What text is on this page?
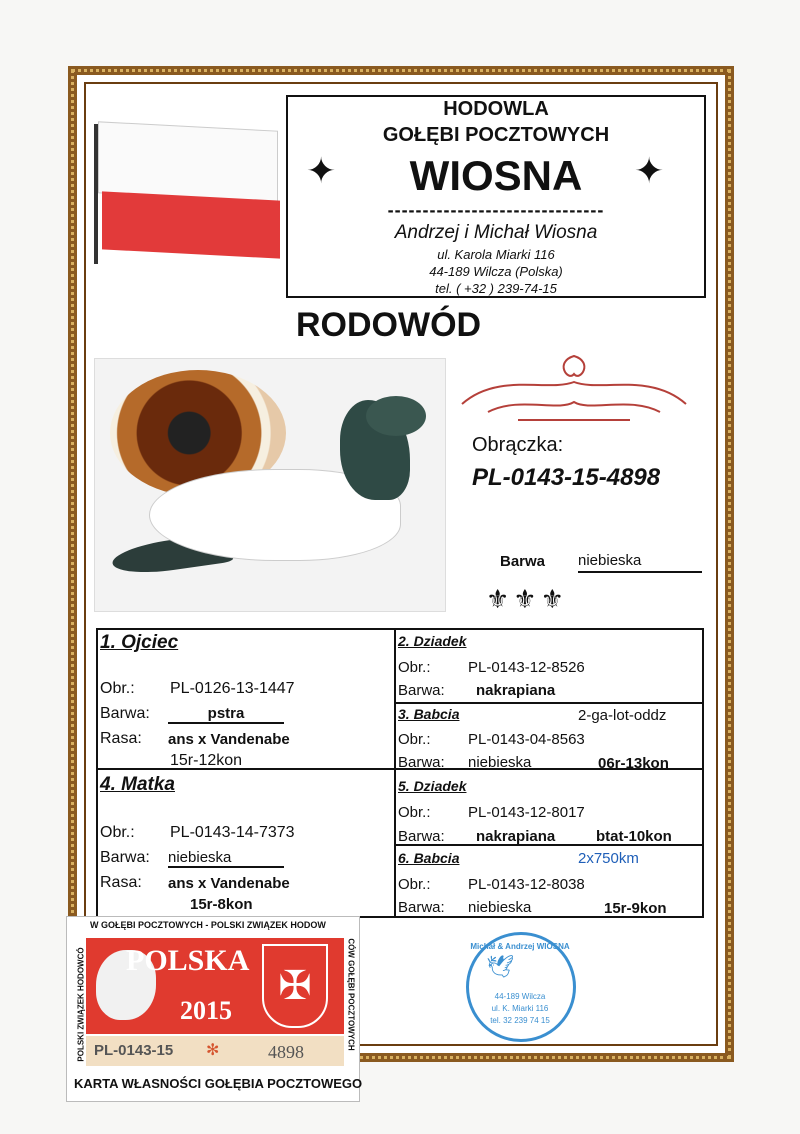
HODOWLA
GOŁĘBI POCZTOWYCH
WIOSNA
✦	✦
-------------------------------
Andrzej i Michał Wiosna
ul. Karola Miarki 116
44-189 Wilcza (Polska)
tel. ( +32 ) 239-74-15
RODOWÓD
Obrączka:
PL-0143-15-4898
Barwa niebieska
⚜⚜⚜
1. Ojciec
Obr.: PL-0126-13-1447
Barwa:	pstra
Rasa: ans x Vandenabe
15r-12kon
4. Matka
Obr.: PL-0143-14-7373
Barwa: niebieska
Rasa: ans x Vandenabe
15r-8kon
2. Dziadek
Obr.: PL-0143-12-8526
Barwa: nakrapiana
3. Babcia	2-ga-lot-oddz
Obr.: PL-0143-04-8563
Barwa: niebieska	06r-13kon
5. Dziadek
Obr.: PL-0143-12-8017
Barwa: nakrapiana	btat-10kon
6. Babcia	2x750km
Obr.: PL-0143-12-8038
Barwa: niebieska	15r-9kon
W GOŁĘBI POCZTOWYCH - POLSKI ZWIĄZEK HODOW
POLSKI ZWIĄZEK HODOWCÓ	CÓW GOŁĘBI POCZTOWYCH
POLSKA
2015
✠
PL-0143-15 ✻	4898
KARTA WŁASNOŚCI GOŁĘBIA POCZTOWEGO
Michał & Andrzej WIOSNA
🕊
44-189 Wilcza
ul. K. Miarki 116
tel. 32 239 74 15
